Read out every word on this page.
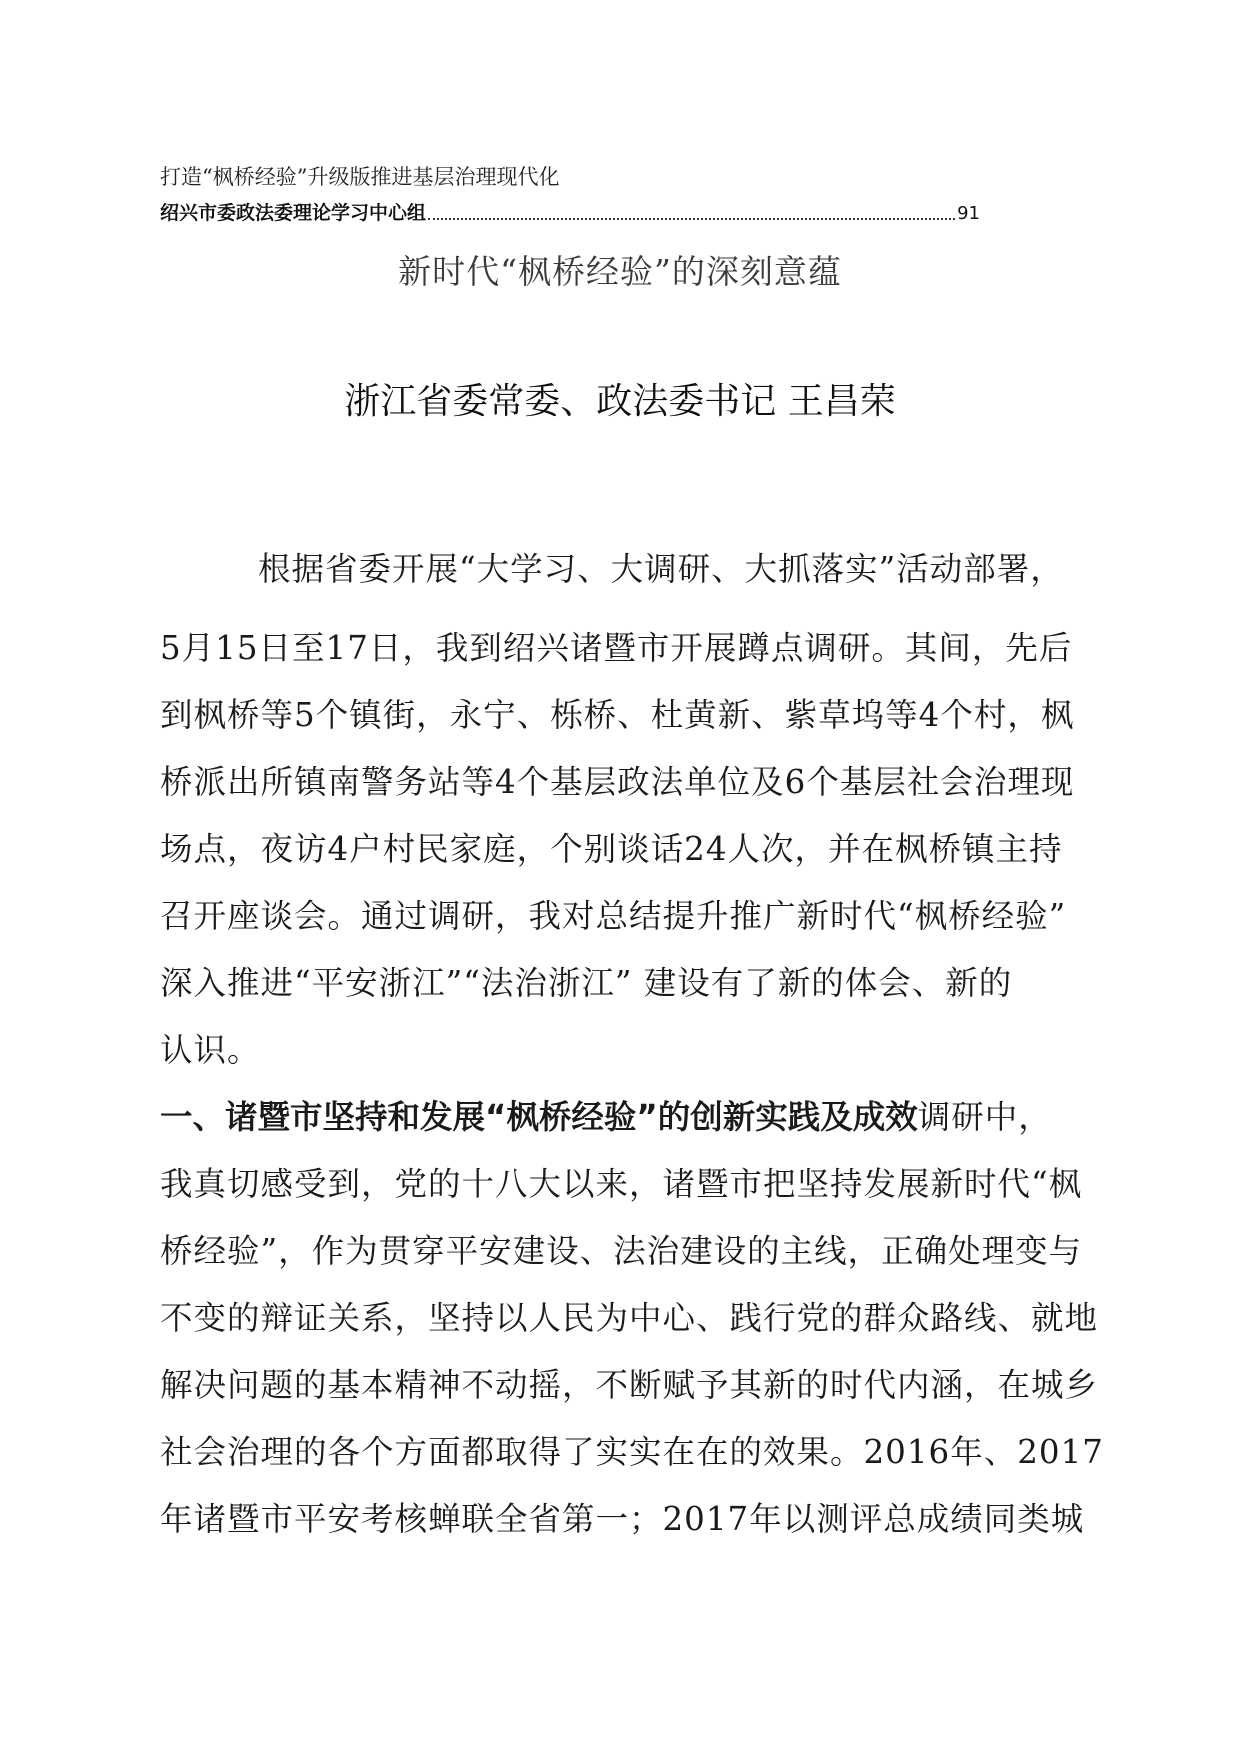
打造“枫桥经验”升级版推进基层治理现代化
绍兴市委政法委理论学习中心组	91
新时代“枫桥经验”的深刻意蕴
浙江省委常委、政法委书记 王昌荣
根据省委开展“大学习、大调研、大抓落实”活动部署，
5月15日至17日，我到绍兴诸暨市开展蹲点调研。其间，先后
到枫桥等5个镇街，永宁、栎桥、杜黄新、紫草坞等4个村，枫
桥派出所镇南警务站等4个基层政法单位及6个基层社会治理现
场点，夜访4户村民家庭，个别谈话24人次，并在枫桥镇主持
召开座谈会。通过调研，我对总结提升推广新时代“枫桥经验”
深入推进“平安浙江”“法治浙江” 建设有了新的体会、新的
认识。
一、诸暨市坚持和发展“枫桥经验”的创新实践及成效调研中，
我真切感受到，党的十八大以来，诸暨市把坚持发展新时代“枫
桥经验”，作为贯穿平安建设、法治建设的主线，正确处理变与
不变的辩证关系，坚持以人民为中心、践行党的群众路线、就地
解决问题的基本精神不动摇，不断赋予其新的时代内涵，在城乡
社会治理的各个方面都取得了实实在在的效果。2016年、2017
年诸暨市平安考核蝉联全省第一；2017年以测评总成绩同类城
